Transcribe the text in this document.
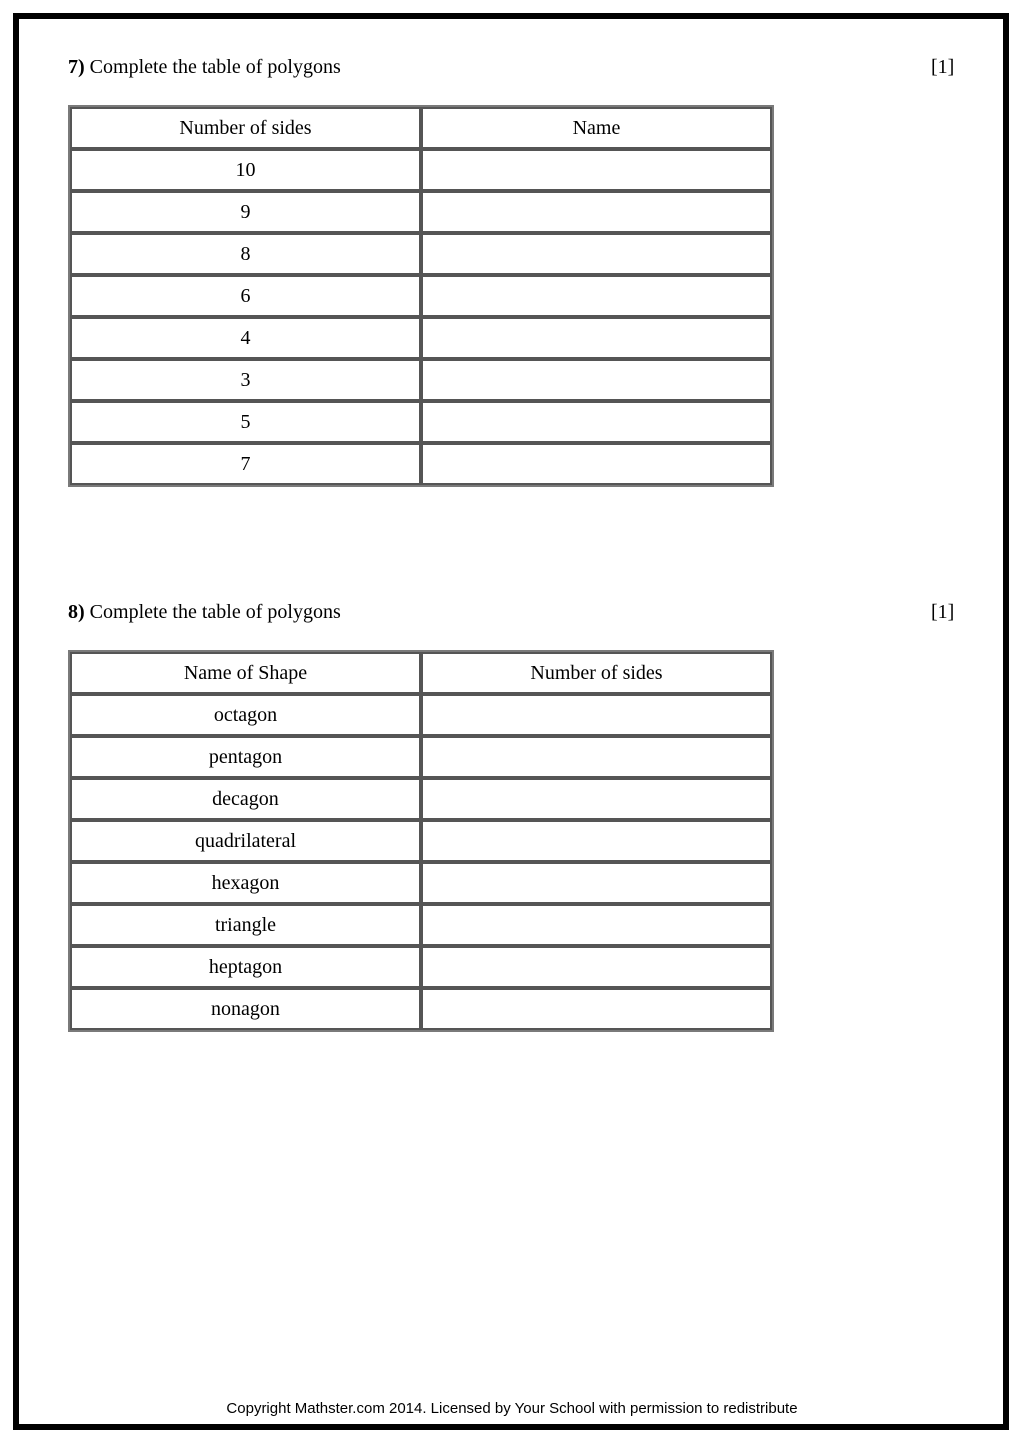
7) Complete the table of polygons	[1]
Number of sides	Name
10	
9	
8	
6	
4	
3	
5	
7	
8) Complete the table of polygons	[1]
Name of Shape	Number of sides
octagon	
pentagon	
decagon	
quadrilateral	
hexagon	
triangle	
heptagon	
nonagon	
Copyright Mathster.com 2014. Licensed by Your School with permission to redistribute
